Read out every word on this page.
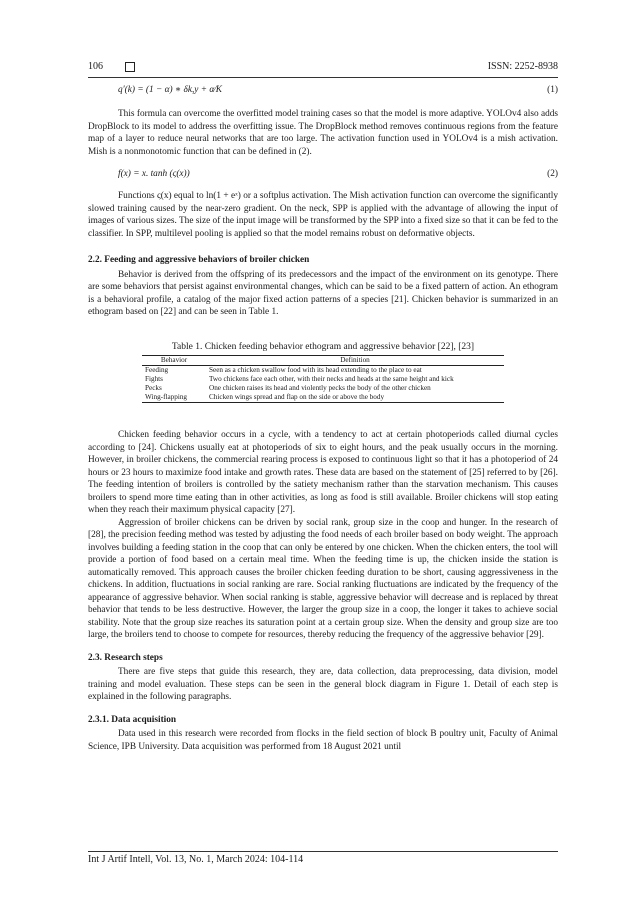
106	ISSN: 2252-8938
q′(k) = (1 − α) ∗ δk,y + α⁄K	(1)

This formula can overcome the overfitted model training cases so that the model is more adaptive. YOLOv4 also adds DropBlock to its model to address the overfitting issue. The DropBlock method removes continuous regions from the feature map of a layer to reduce neural networks that are too large. The activation function used in YOLOv4 is a mish activation. Mish is a nonmonotomic function that can be defined in (2).

f(x) = x. tanh (ς(x))	(2)

Functions ς(x) equal to ln(1 + eˣ) or a softplus activation. The Mish activation function can overcome the significantly slowed training caused by the near-zero gradient. On the neck, SPP is applied with the advantage of allowing the input of images of various sizes. The size of the input image will be transformed by the SPP into a fixed size so that it can be fed to the classifier. In SPP, multilevel pooling is applied so that the model remains robust on deformative objects.

2.2. Feeding and aggressive behaviors of broiler chicken

Behavior is derived from the offspring of its predecessors and the impact of the environment on its genotype. There are some behaviors that persist against environmental changes, which can be said to be a fixed pattern of action. An ethogram is a behavioral profile, a catalog of the major fixed action patterns of a species [21]. Chicken behavior is summarized in an ethogram based on [22] and can be seen in Table 1.

Table 1. Chicken feeding behavior ethogram and aggressive behavior [22], [23]
Behavior	Definition
Feeding	Seen as a chicken swallow food with its head extending to the place to eat
Fights	Two chickens face each other, with their necks and heads at the same height and kick
Pecks	One chicken raises its head and violently pecks the body of the other chicken
Wing-flapping	Chicken wings spread and flap on the side or above the body

Chicken feeding behavior occurs in a cycle, with a tendency to act at certain photoperiods called diurnal cycles according to [24]. Chickens usually eat at photoperiods of six to eight hours, and the peak usually occurs in the morning. However, in broiler chickens, the commercial rearing process is exposed to continuous light so that it has a photoperiod of 24 hours or 23 hours to maximize food intake and growth rates. These data are based on the statement of [25] referred to by [26]. The feeding intention of broilers is controlled by the satiety mechanism rather than the starvation mechanism. This causes broilers to spend more time eating than in other activities, as long as food is still available. Broiler chickens will stop eating when they reach their maximum physical capacity [27].

Aggression of broiler chickens can be driven by social rank, group size in the coop and hunger. In the research of [28], the precision feeding method was tested by adjusting the food needs of each broiler based on body weight. The approach involves building a feeding station in the coop that can only be entered by one chicken. When the chicken enters, the tool will provide a portion of food based on a certain meal time. When the feeding time is up, the chicken inside the station is automatically removed. This approach causes the broiler chicken feeding duration to be short, causing aggressiveness in the chickens. In addition, fluctuations in social ranking are rare. Social ranking fluctuations are indicated by the frequency of the appearance of aggressive behavior. When social ranking is stable, aggressive behavior will decrease and is replaced by threat behavior that tends to be less destructive. However, the larger the group size in a coop, the longer it takes to achieve social stability. Note that the group size reaches its saturation point at a certain group size. When the density and group size are too large, the broilers tend to choose to compete for resources, thereby reducing the frequency of the aggressive behavior [29].

2.3. Research steps

There are five steps that guide this research, they are, data collection, data preprocessing, data division, model training and model evaluation. These steps can be seen in the general block diagram in Figure 1. Detail of each step is explained in the following paragraphs.

2.3.1. Data acquisition

Data used in this research were recorded from flocks in the field section of block B poultry unit, Faculty of Animal Science, IPB University. Data acquisition was performed from 18 August 2021 until

Int J Artif Intell, Vol. 13, No. 1, March 2024: 104-114
